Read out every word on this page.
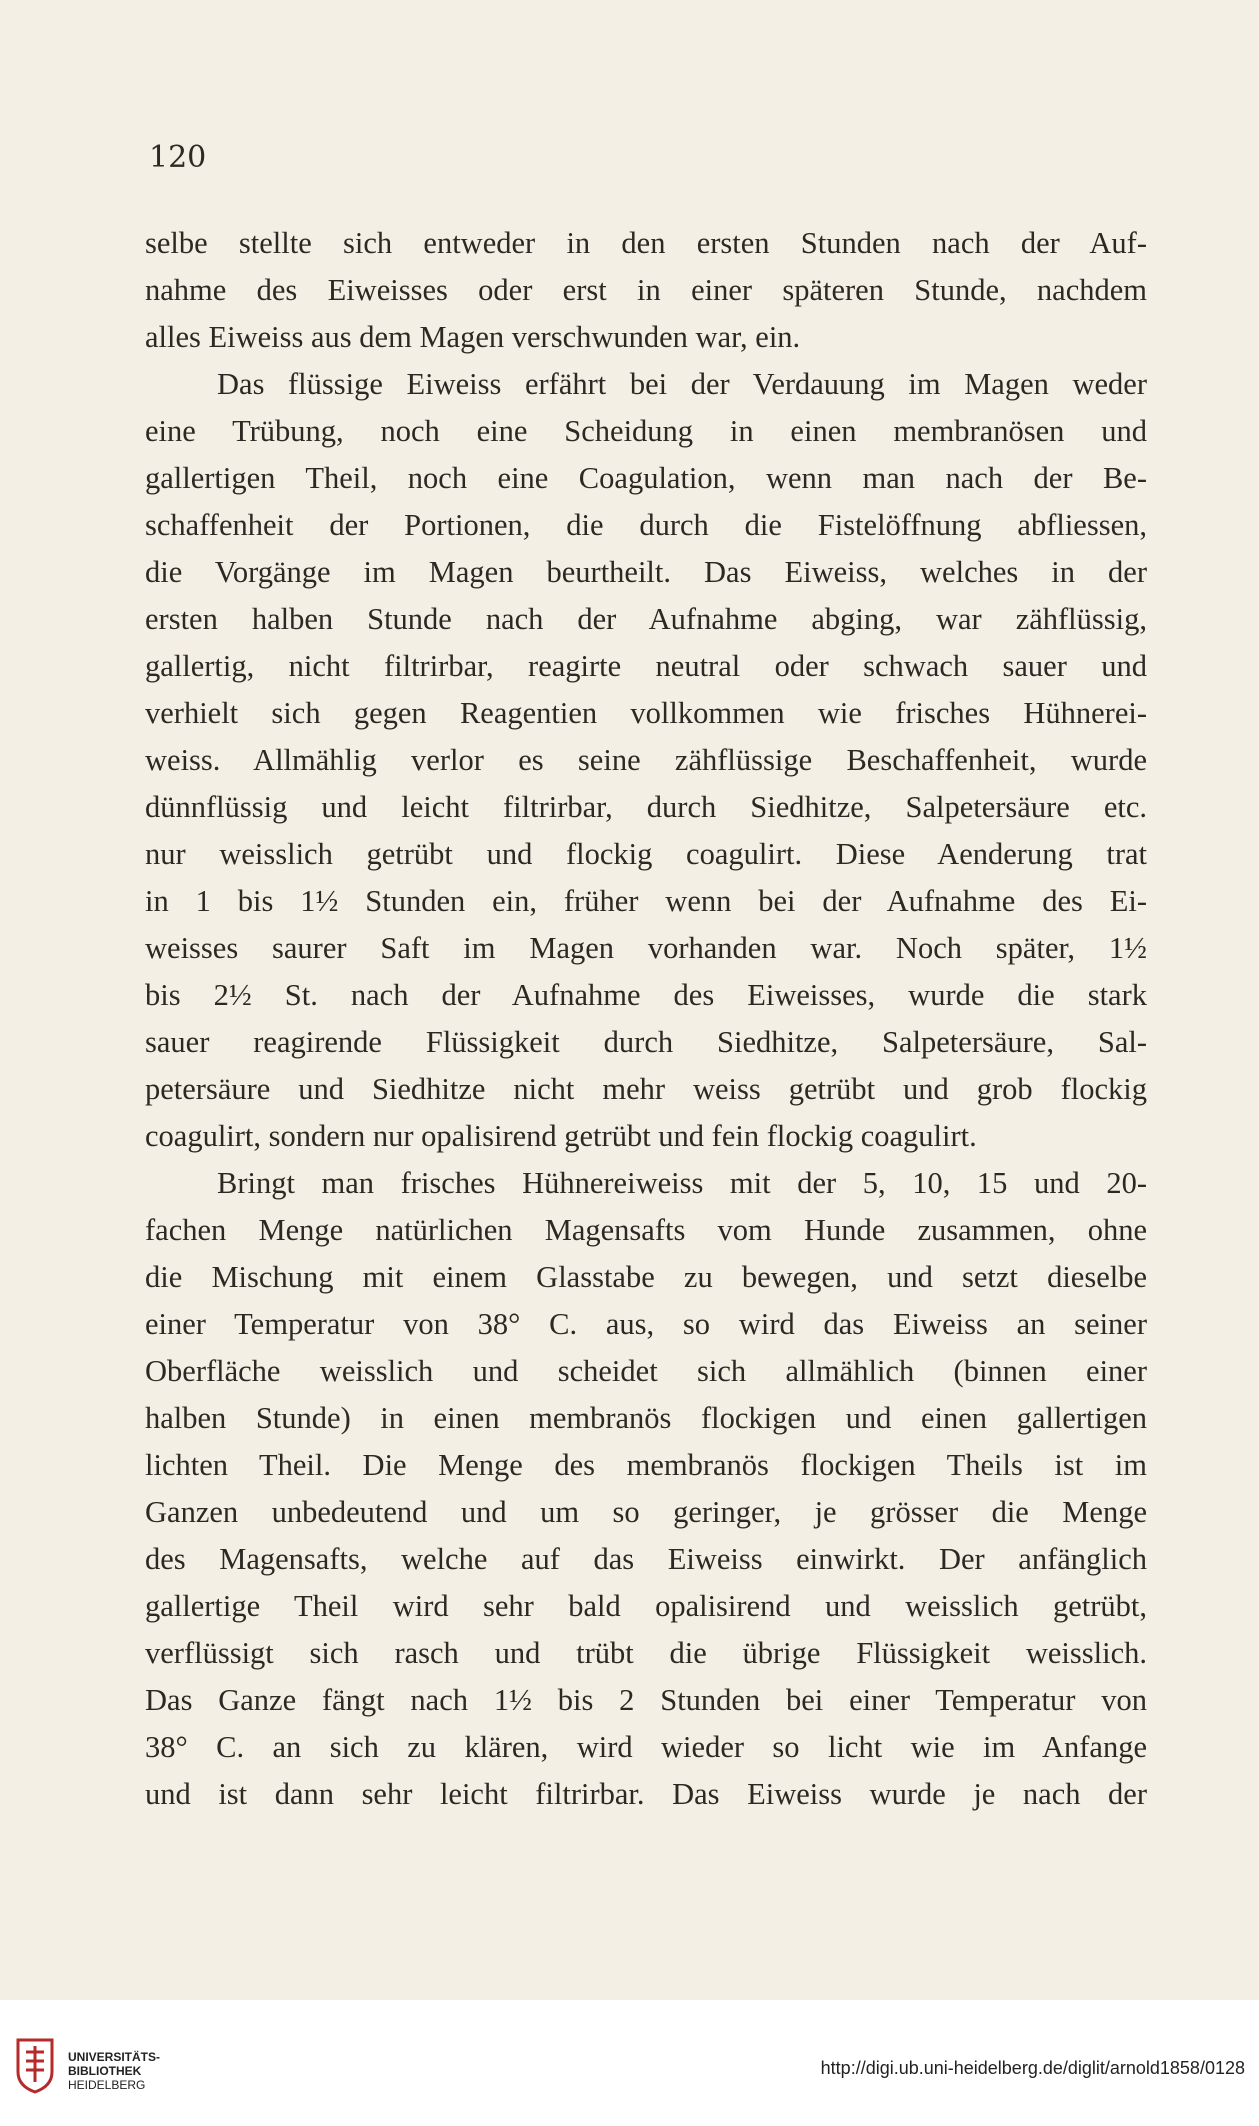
120
selbe stellte sich entweder in den ersten Stunden nach der Auf-
nahme des Eiweisses oder erst in einer späteren Stunde, nachdem
alles Eiweiss aus dem Magen verschwunden war, ein.
Das flüssige Eiweiss erfährt bei der Verdauung im Magen weder
eine Trübung, noch eine Scheidung in einen membranösen und
gallertigen Theil, noch eine Coagulation, wenn man nach der Be-
schaffenheit der Portionen, die durch die Fistelöffnung abfliessen,
die Vorgänge im Magen beurtheilt. Das Eiweiss, welches in der
ersten halben Stunde nach der Aufnahme abging, war zähflüssig,
gallertig, nicht filtrirbar, reagirte neutral oder schwach sauer und
verhielt sich gegen Reagentien vollkommen wie frisches Hühnerei-
weiss. Allmählig verlor es seine zähflüssige Beschaffenheit, wurde
dünnflüssig und leicht filtrirbar, durch Siedhitze, Salpetersäure etc.
nur weisslich getrübt und flockig coagulirt. Diese Aenderung trat
in 1 bis 1½ Stunden ein, früher wenn bei der Aufnahme des Ei-
weisses saurer Saft im Magen vorhanden war. Noch später, 1½
bis 2½ St. nach der Aufnahme des Eiweisses, wurde die stark
sauer reagirende Flüssigkeit durch Siedhitze, Salpetersäure, Sal-
petersäure und Siedhitze nicht mehr weiss getrübt und grob flockig
coagulirt, sondern nur opalisirend getrübt und fein flockig coagulirt.
Bringt man frisches Hühnereiweiss mit der 5, 10, 15 und 20-
fachen Menge natürlichen Magensafts vom Hunde zusammen, ohne
die Mischung mit einem Glasstabe zu bewegen, und setzt dieselbe
einer Temperatur von 38° C. aus, so wird das Eiweiss an seiner
Oberfläche weisslich und scheidet sich allmählich (binnen einer
halben Stunde) in einen membranös flockigen und einen gallertigen
lichten Theil. Die Menge des membranös flockigen Theils ist im
Ganzen unbedeutend und um so geringer, je grösser die Menge
des Magensafts, welche auf das Eiweiss einwirkt. Der anfänglich
gallertige Theil wird sehr bald opalisirend und weisslich getrübt,
verflüssigt sich rasch und trübt die übrige Flüssigkeit weisslich.
Das Ganze fängt nach 1½ bis 2 Stunden bei einer Temperatur von
38° C. an sich zu klären, wird wieder so licht wie im Anfange
und ist dann sehr leicht filtrirbar. Das Eiweiss wurde je nach der
UNIVERSITÄTS-
BIBLIOTHEK
HEIDELBERG
http://digi.ub.uni-heidelberg.de/diglit/arnold1858/0128
